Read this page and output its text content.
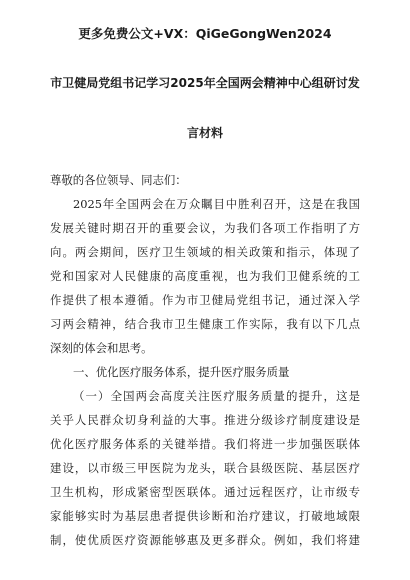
更多免费公文+VX：QiGeGongWen2024
市卫健局党组书记学习2025年全国两会精神中心组研讨发
言材料
尊敬的各位领导、同志们：
2025年全国两会在万众瞩目中胜利召开，这是在我国
发展关键时期召开的重要会议，为我们各项工作指明了方
向。两会期间，医疗卫生领域的相关政策和指示，体现了
党和国家对人民健康的高度重视，也为我们卫健系统的工
作提供了根本遵循。作为市卫健局党组书记，通过深入学
习两会精神，结合我市卫生健康工作实际，我有以下几点
深刻的体会和思考。
一、优化医疗服务体系，提升医疗服务质量
（一）全国两会高度关注医疗服务质量的提升，这是
关乎人民群众切身利益的大事。推进分级诊疗制度建设是
优化医疗服务体系的关键举措。我们将进一步加强医联体
建设，以市级三甲医院为龙头，联合县级医院、基层医疗
卫生机构，形成紧密型医联体。通过远程医疗，让市级专
家能够实时为基层患者提供诊断和治疗建议，打破地域限
制，使优质医疗资源能够惠及更多群众。例如，我们将建
